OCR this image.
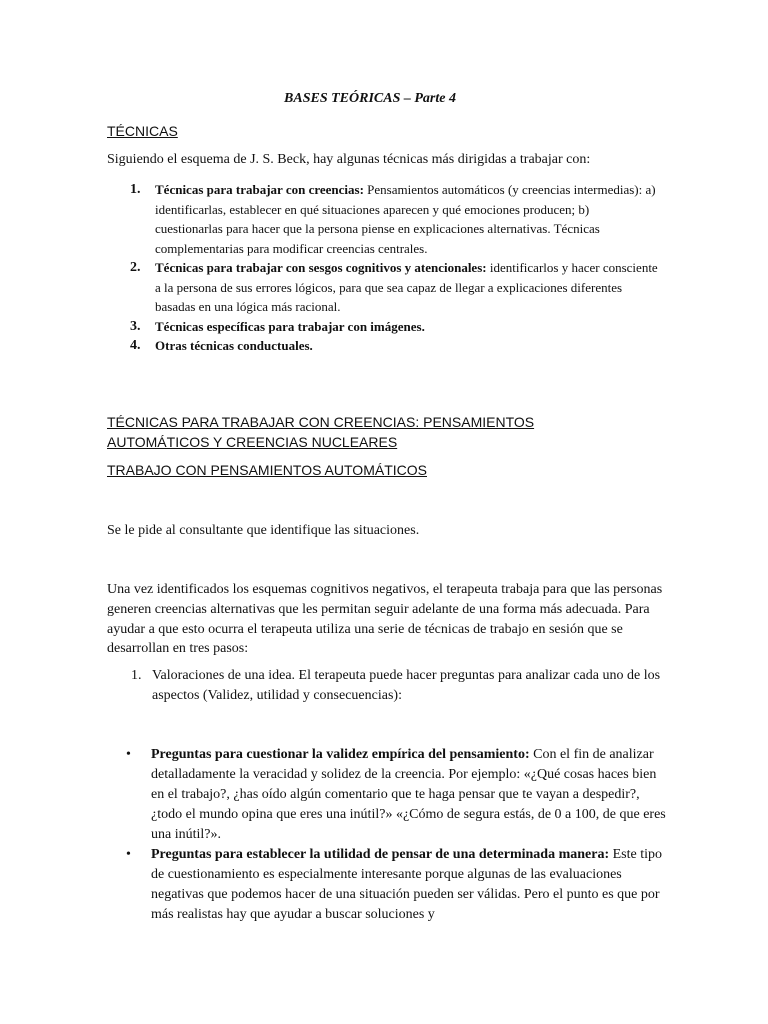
BASES TEÓRICAS – Parte 4

TÉCNICAS

Siguiendo el esquema de J. S. Beck, hay algunas técnicas más dirigidas a trabajar con:

1. Técnicas para trabajar con creencias: Pensamientos automáticos (y creencias intermedias): a) identificarlas, establecer en qué situaciones aparecen y qué emociones producen; b) cuestionarlas para hacer que la persona piense en explicaciones alternativas. Técnicas complementarias para modificar creencias centrales.
2. Técnicas para trabajar con sesgos cognitivos y atencionales: identificarlos y hacer consciente a la persona de sus errores lógicos, para que sea capaz de llegar a explicaciones diferentes basadas en una lógica más racional.
3. Técnicas específicas para trabajar con imágenes.
4. Otras técnicas conductuales.
TÉCNICAS PARA TRABAJAR CON CREENCIAS: PENSAMIENTOS
AUTOMÁTICOS Y CREENCIAS NUCLEARES
TRABAJO CON PENSAMIENTOS AUTOMÁTICOS

Se le pide al consultante que identifique las situaciones.

Una vez identificados los esquemas cognitivos negativos, el terapeuta trabaja para que las personas generen creencias alternativas que les permitan seguir adelante de una forma más adecuada. Para ayudar a que esto ocurra el terapeuta utiliza una serie de técnicas de trabajo en sesión que se desarrollan en tres pasos:

1. Valoraciones de una idea. El terapeuta puede hacer preguntas para analizar cada uno de los aspectos (Validez, utilidad y consecuencias):
• Preguntas para cuestionar la validez empírica del pensamiento: Con el fin de analizar detalladamente la veracidad y solidez de la creencia. Por ejemplo: «¿Qué cosas haces bien en el trabajo?, ¿has oído algún comentario que te haga pensar que te vayan a despedir?, ¿todo el mundo opina que eres una inútil?» «¿Cómo de segura estás, de 0 a 100, de que eres una inútil?».
• Preguntas para establecer la utilidad de pensar de una determinada manera: Este tipo de cuestionamiento es especialmente interesante porque algunas de las evaluaciones negativas que podemos hacer de una situación pueden ser válidas. Pero el punto es que por más realistas hay que ayudar a buscar soluciones y
